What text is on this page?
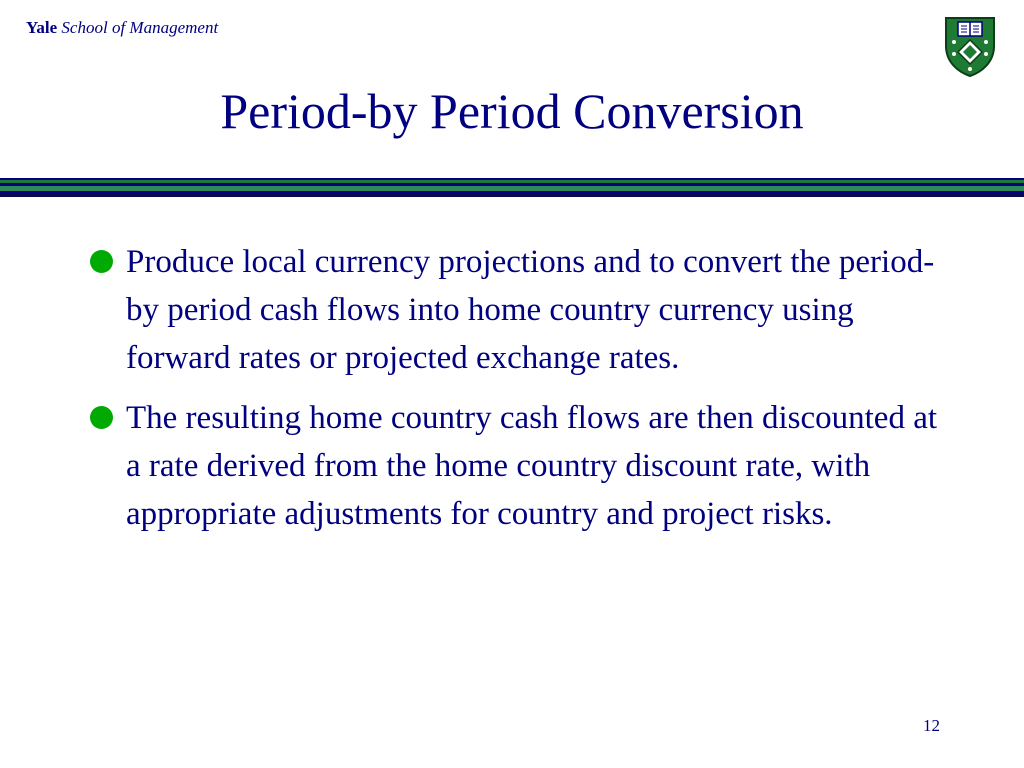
Yale School of Management
Period-by Period Conversion
Produce local currency projections and to convert the period-by period cash flows into home country currency using forward rates or projected exchange rates.
The resulting home country cash flows are then discounted at a rate derived from the home country discount rate, with appropriate adjustments for country and project risks.
12
